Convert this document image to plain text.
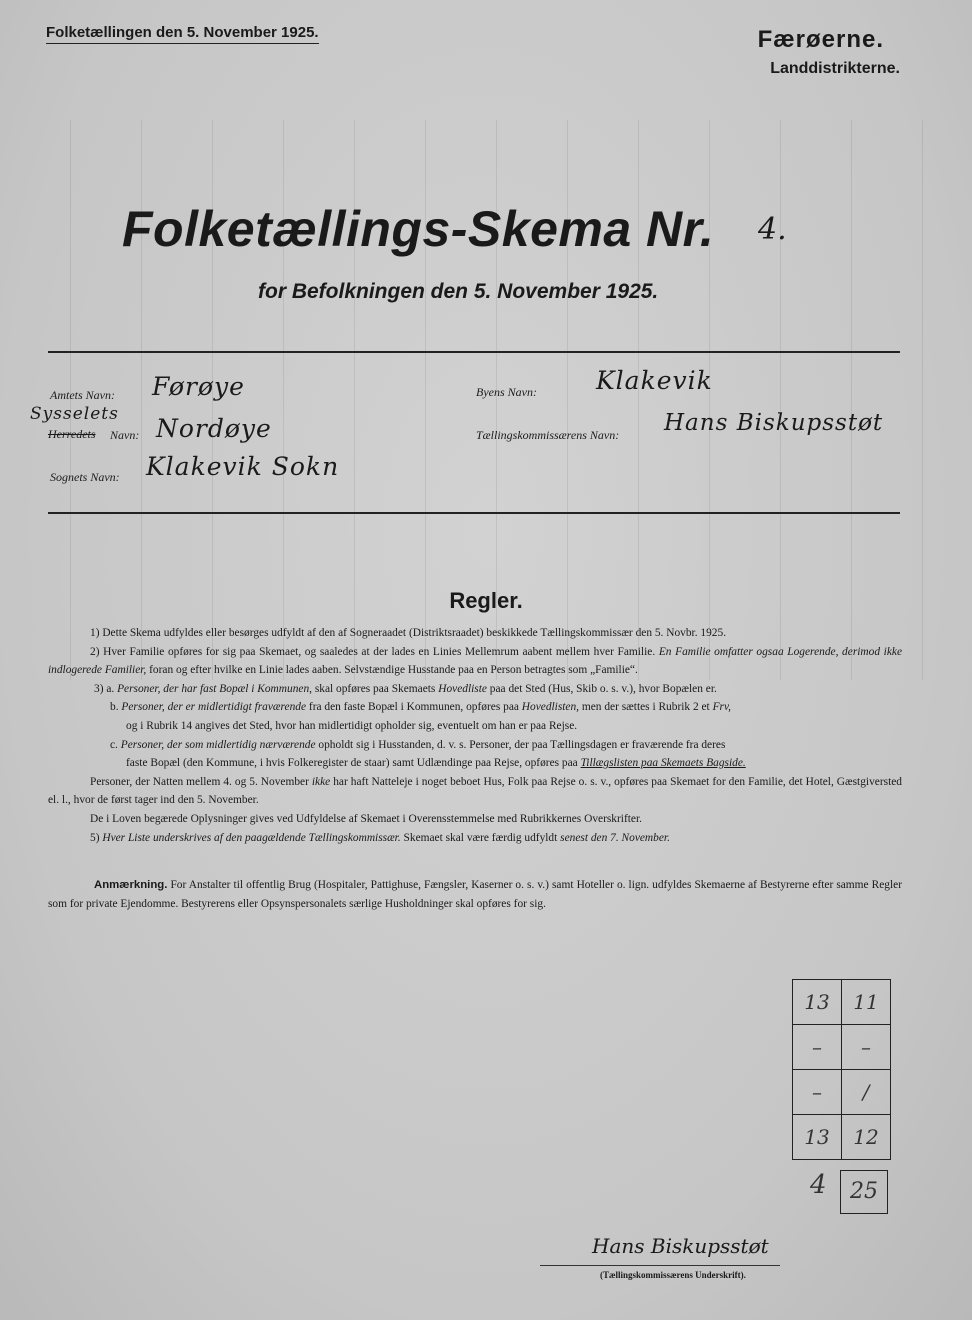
Folketællingen den 5. November 1925.	Færøerne.
Landdistrikterne.
Folketællings-Skema Nr. 4.
for Befolkningen den 5. November 1925.
Amtets Navn: Førøye
Sysselets
Herredets Navn: Nordøye
Sognets Navn: Klakevik Sokn
Byens Navn: Klakevik
Tællingskommissærens Navn: Hans Biskupsstøt
Regler.

1) Dette Skema udfyldes eller besørges udfyldt af den af Sogneraadet (Distriktsraadet) beskikkede Tællingskommissær den 5. Novbr. 1925.

2) Hver Familie opføres for sig paa Skemaet, og saaledes at der lades en Linies Mellemrum aabent mellem hver Familie. En Familie omfatter ogsaa Logerende, derimod ikke indlogerede Familier, foran og efter hvilke en Linie lades aaben. Selvstændige Husstande paa en Person betragtes som „Familie“.

3) a. Personer, der har fast Bopæl i Kommunen, skal opføres paa Skemaets Hovedliste paa det Sted (Hus, Skib o. s. v.), hvor Bopælen er.

b. Personer, der er midlertidigt fraværende fra den faste Bopæl i Kommunen, opføres paa Hovedlisten, men der sættes i Rubrik 2 et Frv,

og i Rubrik 14 angives det Sted, hvor han midlertidigt opholder sig, eventuelt om han er paa Rejse.

c. Personer, der som midlertidig nærværende opholdt sig i Husstanden, d. v. s. Personer, der paa Tællingsdagen er fraværende fra deres

faste Bopæl (den Kommune, i hvis Folkeregister de staar) samt Udlændinge paa Rejse, opføres paa Tillægslisten paa Skemaets Bagside.

Personer, der Natten mellem 4. og 5. November ikke har haft Natteleje i noget beboet Hus, Folk paa Rejse o. s. v., opføres paa Skemaet for den Familie, det Hotel, Gæstgiversted el. l., hvor de først tager ind den 5. November.

De i Loven begærede Oplysninger gives ved Udfyldelse af Skemaet i Overensstemmelse med Rubrikkernes Overskrifter.

5) Hver Liste underskrives af den paagældende Tællingskommissær. Skemaet skal være færdig udfyldt senest den 7. November.

Anmærkning. For Anstalter til offentlig Brug (Hospitaler, Pattighuse, Fængsler, Kaserner o. s. v.) samt Hoteller o. lign. udfyldes Skemaerne af Bestyrerne efter samme Regler som for private Ejendomme. Bestyrerens eller Opsynspersonalets særlige Husholdninger skal opføres for sig.
13	11
–	–
–	/
13	12
4	25
Hans Biskupsstøt
(Tællingskommissærens Underskrift).
